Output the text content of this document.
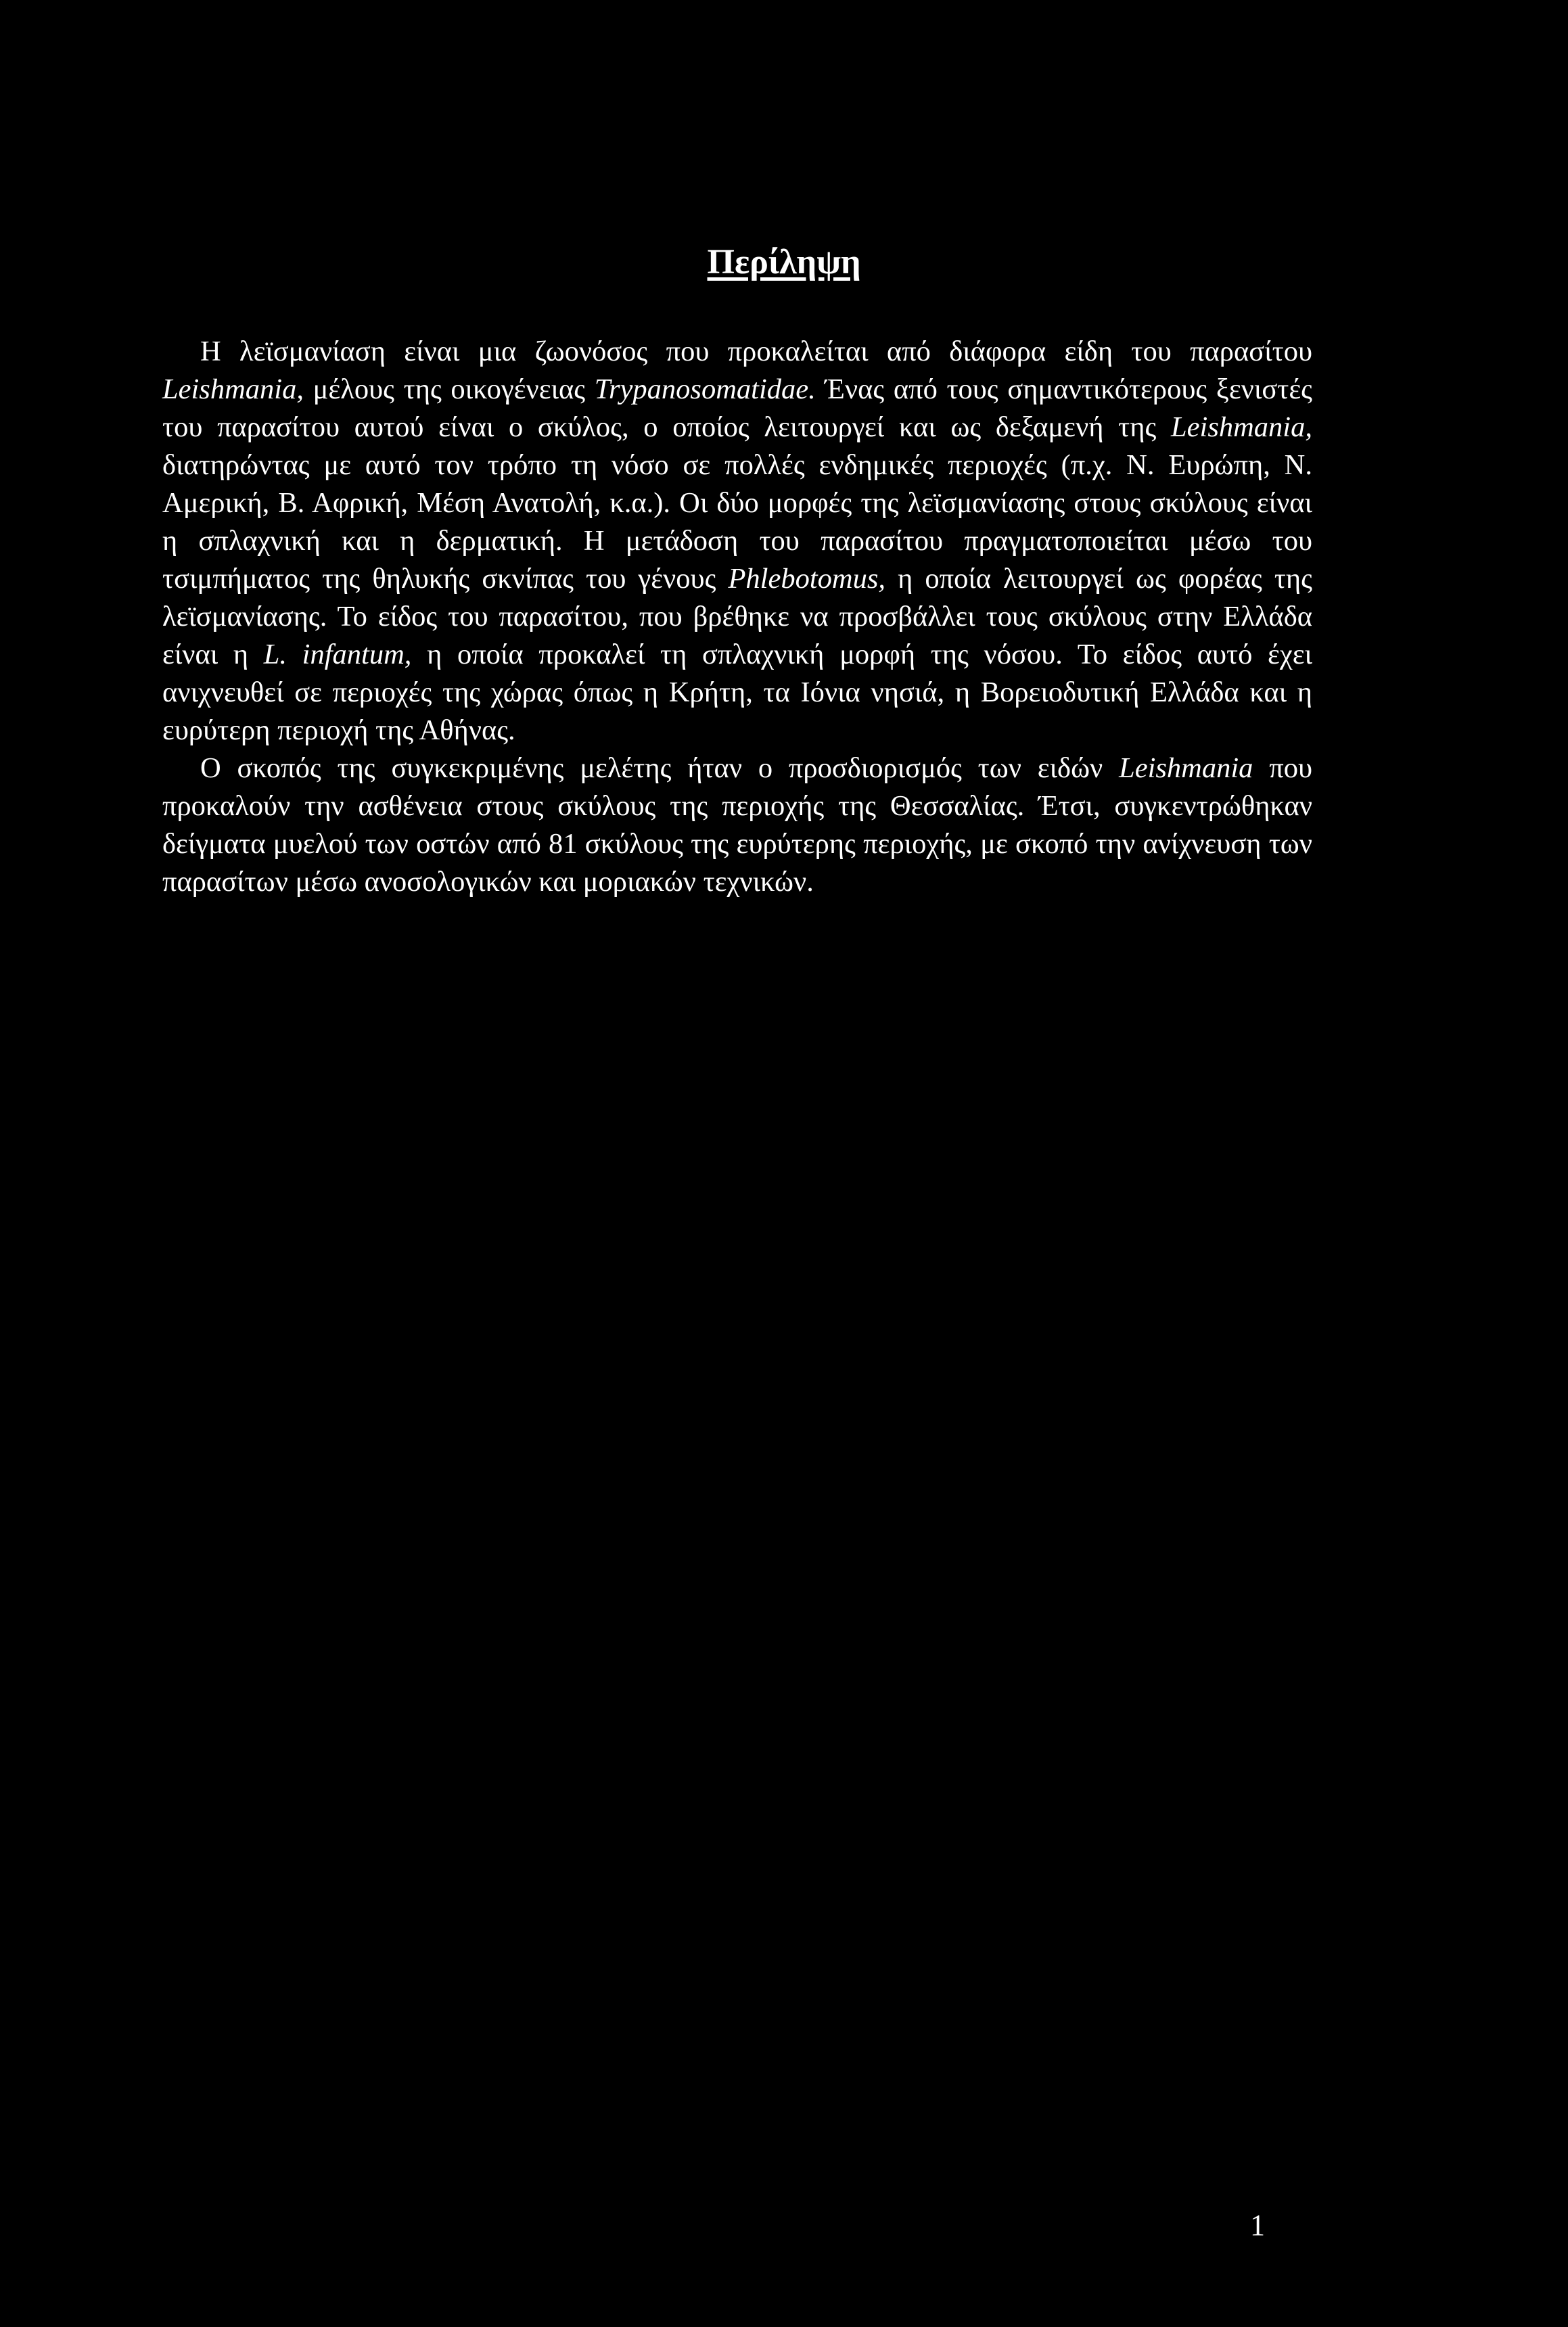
Περίληψη

Η λεϊσμανίαση είναι μια ζωονόσος που προκαλείται από διάφορα είδη του παρασίτου Leishmania, μέλους της οικογένειας Trypanosomatidae. Ένας από τους σημαντικότερους ξενιστές του παρασίτου αυτού είναι ο σκύλος, ο οποίος λειτουργεί και ως δεξαμενή της Leishmania, διατηρώντας με αυτό τον τρόπο τη νόσο σε πολλές ενδημικές περιοχές (π.χ. Ν. Ευρώπη, Ν. Αμερική, Β. Αφρική, Μέση Ανατολή, κ.α.). Οι δύο μορφές της λεϊσμανίασης στους σκύλους είναι η σπλαχνική και η δερματική. Η μετάδοση του παρασίτου πραγματοποιείται μέσω του τσιμπήματος της θηλυκής σκνίπας του γένους Phlebotomus, η οποία λειτουργεί ως φορέας της λεϊσμανίασης. Το είδος του παρασίτου, που βρέθηκε να προσβάλλει τους σκύλους στην Ελλάδα είναι η L. infantum, η οποία προκαλεί τη σπλαχνική μορφή της νόσου. Το είδος αυτό έχει ανιχνευθεί σε περιοχές της χώρας όπως η Κρήτη, τα Ιόνια νησιά, η Βορειοδυτική Ελλάδα και η ευρύτερη περιοχή της Αθήνας.

Ο σκοπός της συγκεκριμένης μελέτης ήταν ο προσδιορισμός των ειδών Leishmania που προκαλούν την ασθένεια στους σκύλους της περιοχής της Θεσσαλίας. Έτσι, συγκεντρώθηκαν δείγματα μυελού των οστών από 81 σκύλους της ευρύτερης περιοχής, με σκοπό την ανίχνευση των παρασίτων μέσω ανοσολογικών και μοριακών τεχνικών.

1
